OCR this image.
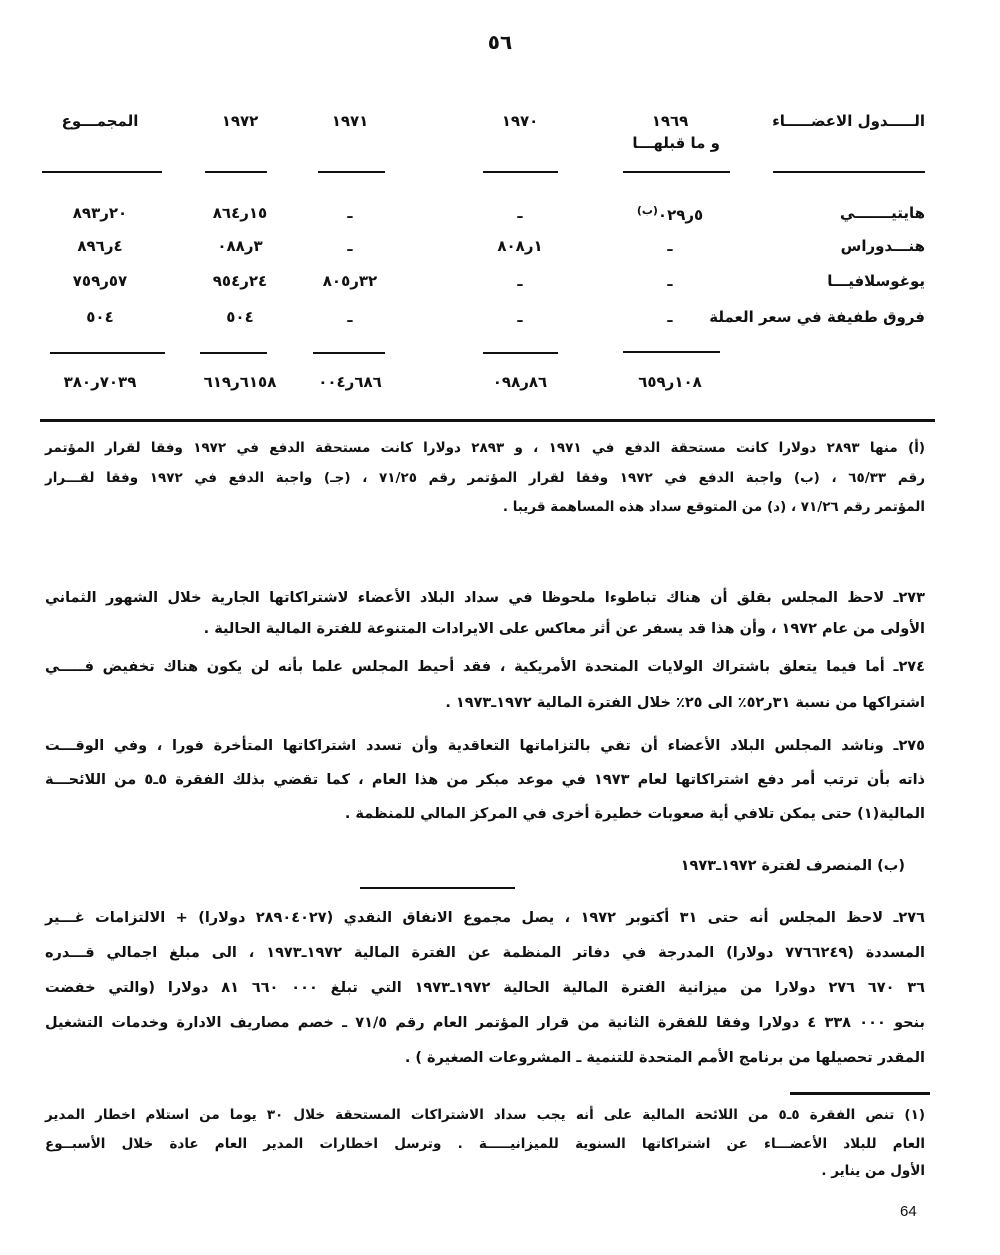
٥٦
الـــــدول الاعضـــــاء
١٩٦٩
و ما قبلهـــا
١٩٧٠
١٩٧١
١٩٧٢
المجمـــوع
هايتيـــــــي
$٥ر٠٢٩^{(ب)}$
ـ
ـ
١٥ر٨٦٤
٢٠ر٨٩٣
هنـــدوراس
ـ
١ر٨٠٨
ـ
٣ر٠٨٨
٤ر٨٩٦
يوغوسلافيـــا
ـ
ـ
٣٢ر٨٠٥
٢٤ر٩٥٤
٥٧ر٧٥٩
فروق طفيفة في سعر العملة
ـ
ـ
ـ
٥٠٤
٥٠٤
١٠٨ر٦٥٩
٨٦ر٠٩٨
٦٨٦ر٠٠٤
٦١٥٨ر٦١٩
٧٠٣٩ر٣٨٠
(أ) منها ٢٨٩٣ دولارا كانت مستحقة الدفع في ١٩٧١ ، و ٢٨٩٣ دولارا كانت مستحقة الدفع في ١٩٧٢ وفقا لقرار المؤتمر
رقم ٦٥/٣٣ ، (ب) واجبة الدفع في ١٩٧٢ وفقا لقرار المؤتمر رقم ٧١/٢٥ ، (جـ) واجبة الدفع في ١٩٧٢ وفقا لقـــرار
المؤتمر رقم ٧١/٢٦ ، (د) من المتوقع سداد هذه المساهمة قريبا .
٢٧٣ـ لاحظ المجلس بقلق أن هناك تباطوءا ملحوظا في سداد البلاد الأعضاء لاشتراكاتها الجارية خلال الشهور الثماني
الأولى من عام ١٩٧٢ ، وأن هذا قد يسفر عن أثر معاكس على الايرادات المتنوعة للفترة المالية الحالية .
٢٧٤ـ أما فيما يتعلق باشتراك الولايات المتحدة الأمريكية ، فقد أحيط المجلس علما بأنه لن يكون هناك تخفيض فـــــي
اشتراكها من نسبة ٣١ر٥٢٪ الى ٢٥٪ خلال الفترة المالية ١٩٧٢ـ١٩٧٣ .
٢٧٥ـ وناشد المجلس البلاد الأعضاء أن تفي بالتزاماتها التعاقدية وأن تسدد اشتراكاتها المتأخرة فورا ، وفي الوقـــت
ذاته بأن ترتب أمر دفع اشتراكاتها لعام ١٩٧٣ في موعد مبكر من هذا العام ، كما تقضي بذلك الفقرة ٥ـ٥ من اللائحـــة
المالية(١) حتى يمكن تلافي أية صعوبات خطيرة أخرى في المركز المالي للمنظمة .
(ب) المنصرف لفترة ١٩٧٢ـ١٩٧٣
٢٧٦ـ لاحظ المجلس أنه حتى ٣١ أكتوبر ١٩٧٢ ، يصل مجموع الانفاق النقدي (٢٨٩٠٤٠٢٧ دولارا) + الالتزامات غـــير
المسددة (٧٧٦٦٢٤٩ دولارا) المدرجة في دفاتر المنظمة عن الفترة المالية ١٩٧٢ـ١٩٧٣ ، الى مبلغ اجمالي قـــدره
٣٦ ٦٧٠ ٢٧٦ دولارا من ميزانية الفترة المالية الحالية ١٩٧٢ـ١٩٧٣ التي تبلغ ٠٠٠ ٦٦٠ ٨١ دولارا (والتي خفضت
بنحو ٠٠٠ ٣٣٨ ٤ دولارا وفقا للفقرة الثانية من قرار المؤتمر العام رقم ٧١/٥ ـ خصم مصاريف الادارة وخدمات التشغيل
المقدر تحصيلها من برنامج الأمم المتحدة للتنمية ـ المشروعات الصغيرة ) .
(١) تنص الفقرة ٥ـ٥ من اللائحة المالية على أنه يجب سداد الاشتراكات المستحقة خلال ٣٠ يوما من استلام اخطار المدير
العام للبلاد الأعضـــاء عن اشتراكاتها السنوية للميزانيـــــة . وترسل اخطارات المدير العام عادة خلال الأسبــوع
الأول من يناير .
64
